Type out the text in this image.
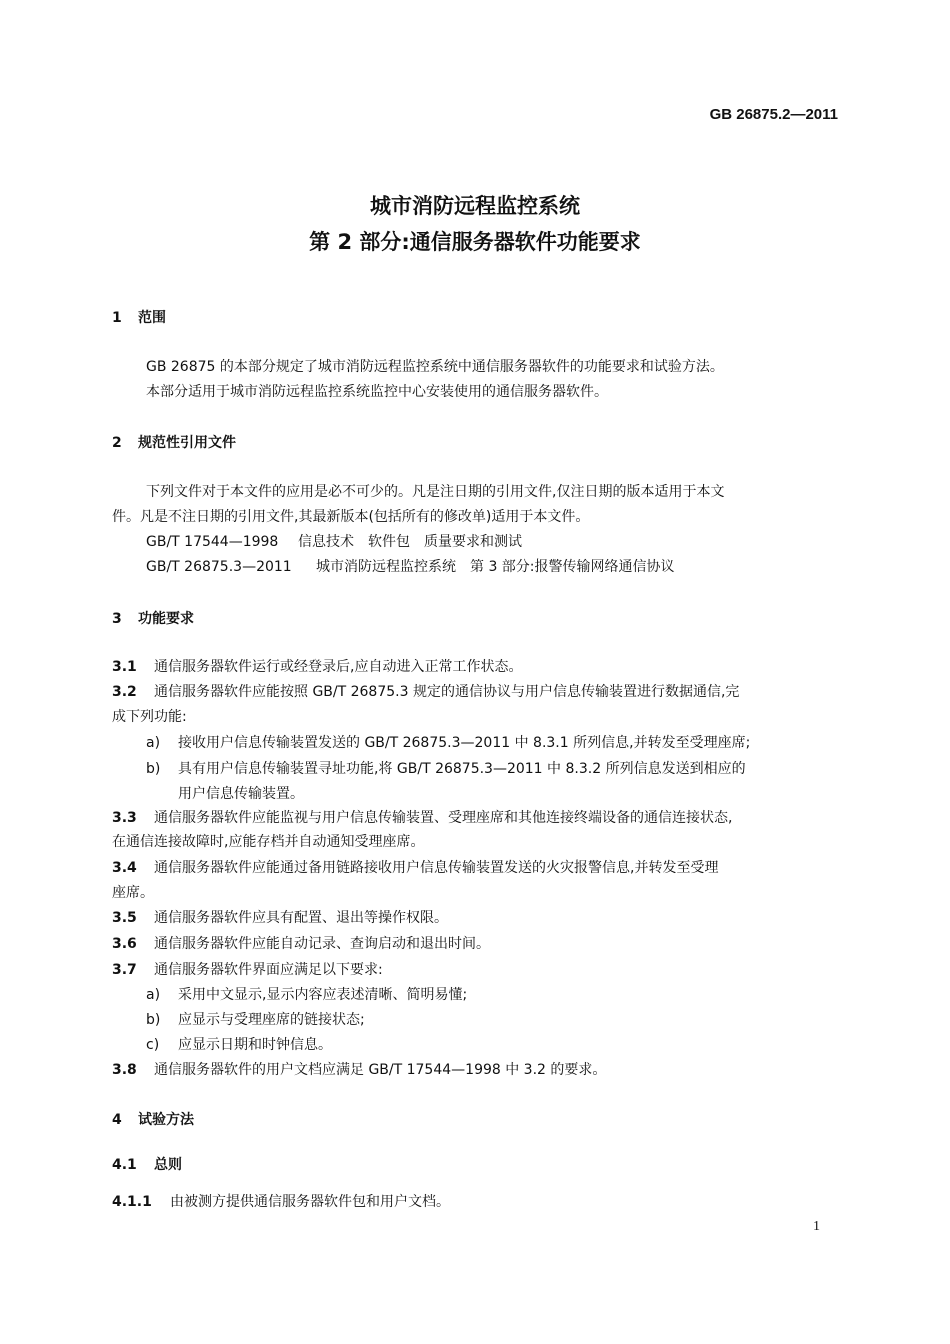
GB 26875.2—2011
城市消防远程监控系统
第 2 部分:通信服务器软件功能要求
1 范围
GB 26875 的本部分规定了城市消防远程监控系统中通信服务器软件的功能要求和试验方法。
本部分适用于城市消防远程监控系统监控中心安装使用的通信服务器软件。
2 规范性引用文件
下列文件对于本文件的应用是必不可少的。凡是注日期的引用文件,仅注日期的版本适用于本文
件。凡是不注日期的引用文件,其最新版本(包括所有的修改单)适用于本文件。
GB/T 17544—1998 信息技术　软件包　质量要求和测试
GB/T 26875.3—2011 城市消防远程监控系统　第 3 部分:报警传输网络通信协议
3 功能要求
3.1 通信服务器软件运行或经登录后,应自动进入正常工作状态。
3.2 通信服务器软件应能按照 GB/T 26875.3 规定的通信协议与用户信息传输装置进行数据通信,完
成下列功能:
a) 接收用户信息传输装置发送的 GB/T 26875.3—2011 中 8.3.1 所列信息,并转发至受理座席;
b) 具有用户信息传输装置寻址功能,将 GB/T 26875.3—2011 中 8.3.2 所列信息发送到相应的
用户信息传输装置。
3.3 通信服务器软件应能监视与用户信息传输装置、受理座席和其他连接终端设备的通信连接状态,
在通信连接故障时,应能存档并自动通知受理座席。
3.4 通信服务器软件应能通过备用链路接收用户信息传输装置发送的火灾报警信息,并转发至受理
座席。
3.5 通信服务器软件应具有配置、退出等操作权限。
3.6 通信服务器软件应能自动记录、查询启动和退出时间。
3.7 通信服务器软件界面应满足以下要求:
a) 采用中文显示,显示内容应表述清晰、简明易懂;
b) 应显示与受理座席的链接状态;
c) 应显示日期和时钟信息。
3.8 通信服务器软件的用户文档应满足 GB/T 17544—1998 中 3.2 的要求。
4 试验方法
4.1 总则
4.1.1 由被测方提供通信服务器软件包和用户文档。
1
